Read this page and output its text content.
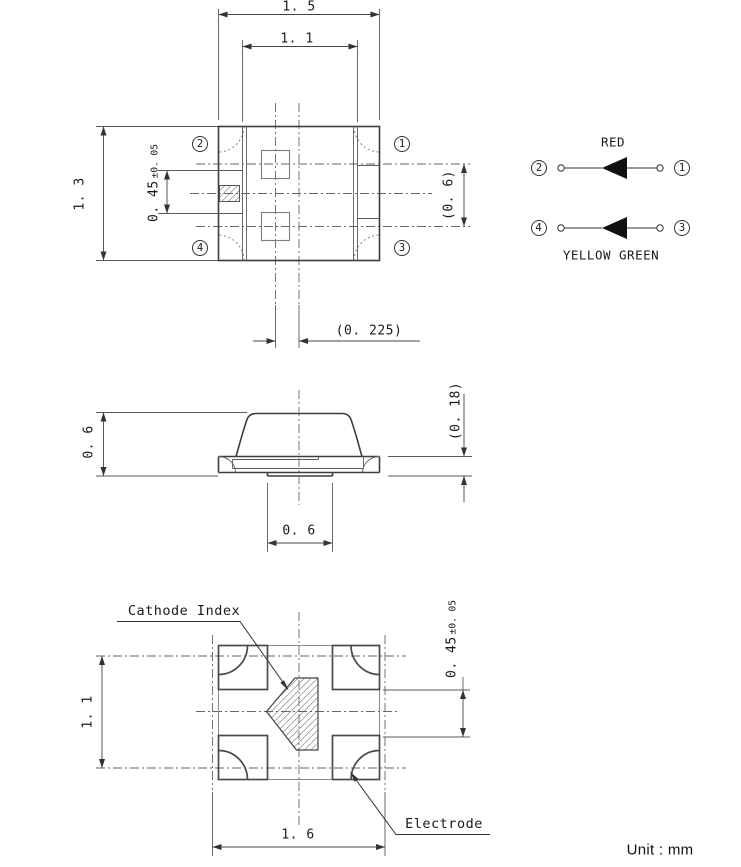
1. 5
1. 1
1. 3	0. 45
±0. 05
(0. 6)
(0. 225)
2	1
4	3
RED
YELLOW GREEN
2	1
4	3
0. 6
(0. 18)
0. 6
1. 1
0. 45
±0. 05
1. 6
Cathode Index
Electrode
Unit : mm
